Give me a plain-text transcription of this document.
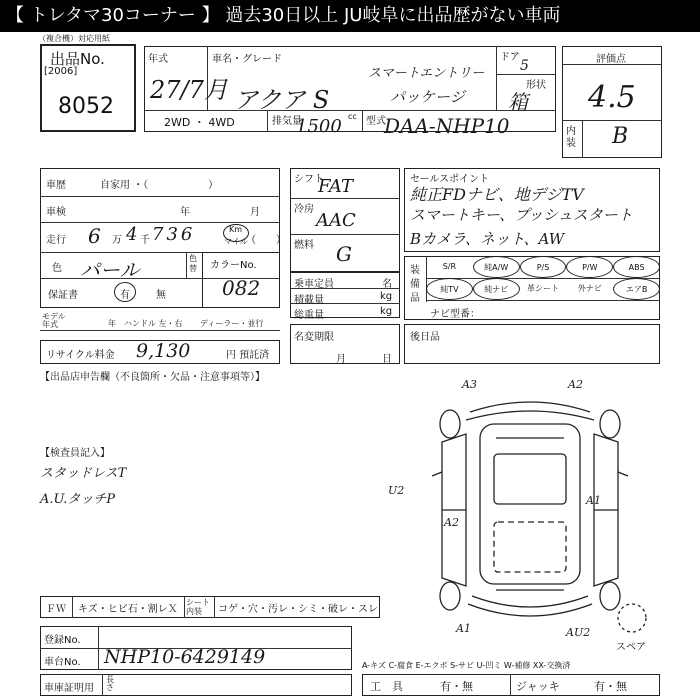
【 トレタマ30コーナー 】 過去30日以上 JU岐阜に出品歴がない車両
（複合機）対応用紙
出品No.
[2006]
8052
年式
27/7月
車名・グレード
アクア S
スマートエントリー
パッケージ
ドア
5
形状
箱
2WD ・ 4WD	排気量	cc
1500 型式
DAA-NHP10
評価点
4.5
内装 B
車歴	自家用 ・（　　　　　　）
車検	年	月
走行 6 万 4 千 736	Km
マイル
（　　）
色 パール	色替
保証書	有	無
カラーNo.
082
モデル年式	年 ハンドル 左・右 ディーラー・並行
リサイクル料金 9,130	円 預託済
【出品店申告欄（不良箇所・欠品・注意事項等）】
【検査員記入】
スタッドレスT
A.U.タッチP
シフト
FAT
冷房
AAC
燃料 G
乗車定員	名
積載量	kg
総重量	kg
名変期限
月	日
セールスポイント
純正FDナビ、地デジTV
スマートキー、プッシュスタート
Bカメラ、ネット、AW
装備品
S/R	純A/W	P/S	P/W	ABS
純TV	純ナビ	革シート	外ナビ	エアB
ナビ型番：
後日品
A3	A2
U2
A1
A2
A1	AU2
スペア
ＦＷ キズ・ヒビ石・割レＸ
シート内装	コゲ・穴・汚レ・シミ・破レ・スレ
登録No.
車台No. NHP10-6429149	A-キズ C-腐食 E-エクボ S-サビ U-凹ミ W-補修 XX-交換済
車庫証明用
長さ	工　具	有・無	ジャッキ	有・無
